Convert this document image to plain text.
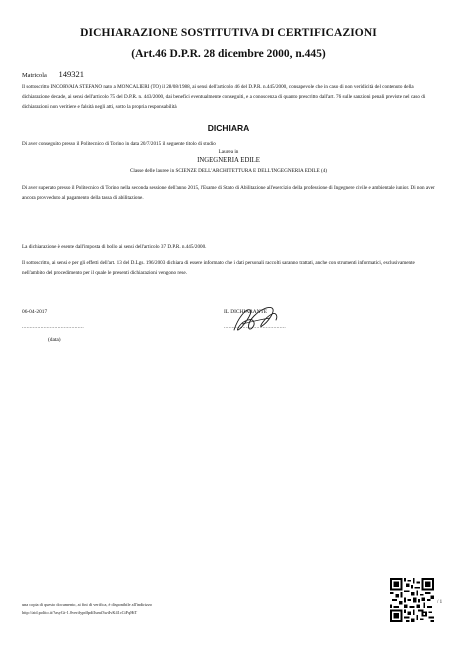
DICHIARAZIONE SOSTITUTIVA DI CERTIFICAZIONI
(Art.46 D.P.R. 28 dicembre 2000, n.445)
Matricola 149321
Il sottoscritto INCORVAIA STEFANO nato a MONCALIERI (TO) il 28/08/1988, ai sensi dell'articolo 46 del D.P.R. n.445/2000, consapevole che in caso di non veridicità del contenuto della dichiarazione decade, ai sensi dell'articolo 75 del D.P.R. n. 443/2000, dai benefici eventualmente conseguiti, e a conoscenza di quanto prescritto dall'art. 76 sulle sanzioni penali previste nel caso di dichiarazioni non veritiere e falsità negli atti, sotto la propria responsabilità
DICHIARA
Di aver conseguito presso il Politecnico di Torino in data 20/7/2015 il seguente titolo di studio
Laurea in
INGEGNERIA EDILE
Classe delle lauree in SCIENZE DELL'ARCHITETTURA E DELL'INGEGNERIA EDILE (4)
Di aver superato presso il Politecnico di Torino nella seconda sessione dell'anno 2015, l'Esame di Stato di Abilitazione all'esercizio della professione di Ingegnere civile e ambientale iunior. Di non aver ancora provveduto al pagamento della tassa di abilitazione.
La dichiarazione è esente dall'imposta di bollo ai sensi dell'articolo 37 D.P.R. n.445/2000.
Il sottoscritto, ai sensi e per gli effetti dell'art. 13 del D.Lgs. 196/2003 dichiara di essere informato che i dati personali raccolti saranno trattati, anche con strumenti informatici, esclusivamente nell'ambito del procedimento per il quale le presenti dichiarazioni vengono rese.
06-04-2017
........................................
(data)
IL DICHIARANTE
........................................
una copia di questo documento, ai fini di verifica, è disponibile all'indirizzo
http://aid.polito.it/?asyGt-1.0verifypdfpdfJumf3wtIvK41cCtFqHtT
/ 1
